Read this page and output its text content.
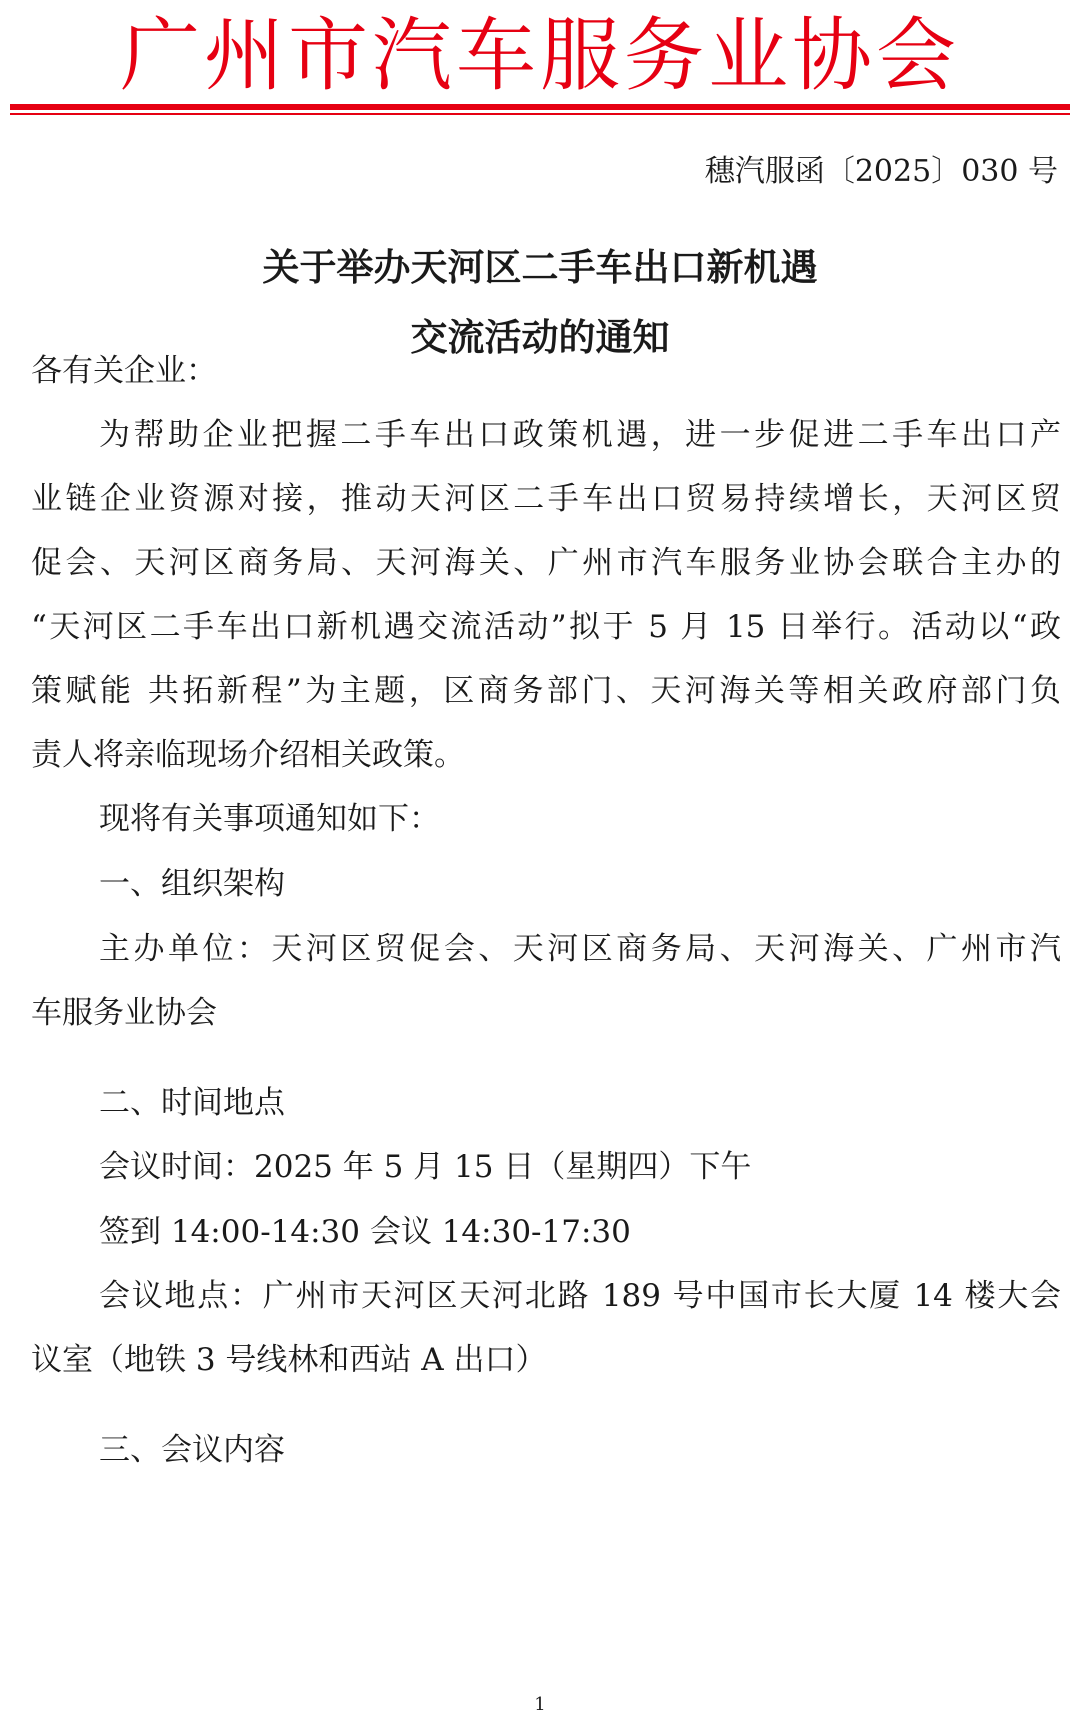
广州市汽车服务业协会
穗汽服函〔2025〕030 号
关于举办天河区二手车出口新机遇
交流活动的通知
各有关企业：
为帮助企业把握二手车出口政策机遇，进一步促进二手车出口产
业链企业资源对接，推动天河区二手车出口贸易持续增长，天河区贸
促会、天河区商务局、天河海关、广州市汽车服务业协会联合主办的
“天河区二手车出口新机遇交流活动”拟于 5 月 15 日举行。活动以“政
策赋能 共拓新程”为主题，区商务部门、天河海关等相关政府部门负
责人将亲临现场介绍相关政策。
现将有关事项通知如下：
一、组织架构
主办单位：天河区贸促会、天河区商务局、天河海关、广州市汽
车服务业协会
二、时间地点
会议时间：2025 年 5 月 15 日（星期四）下午
签到 14:00-14:30 会议 14:30-17:30
会议地点：广州市天河区天河北路 189 号中国市长大厦 14 楼大会
议室（地铁 3 号线林和西站 A 出口）
三、会议内容
1
